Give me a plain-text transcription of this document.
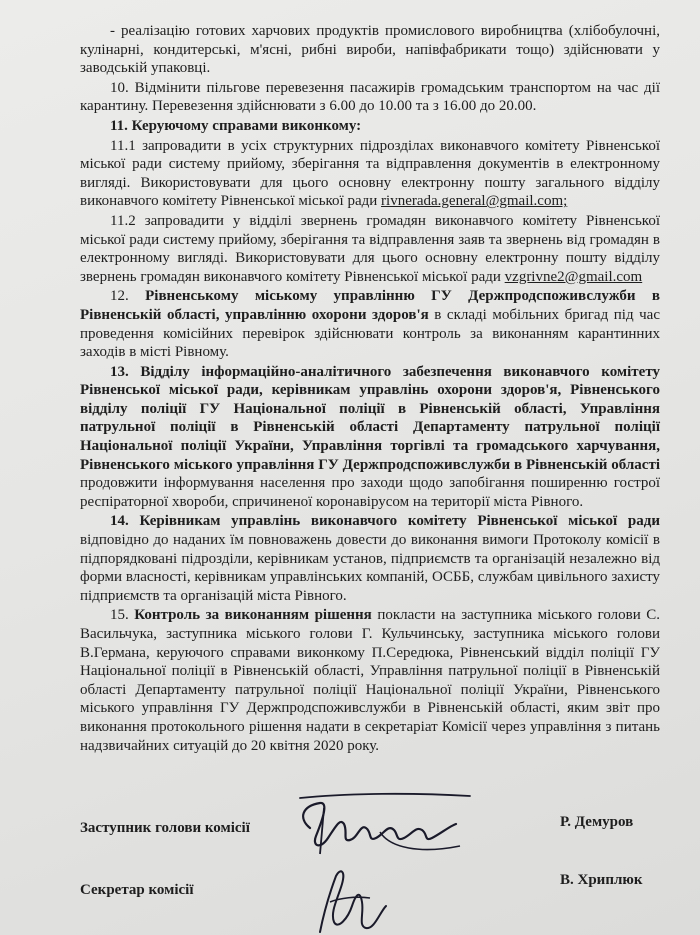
- реалізацію готових харчових продуктів промислового виробництва (хлібобулочні, кулінарні, кондитерські, м'ясні, рибні вироби, напівфабрикати тощо) здійснювати у заводській упаковці.

10. Відмінити пільгове перевезення пасажирів громадським транспортом на час дії карантину. Перевезення здійснювати з 6.00 до 10.00 та з 16.00 до 20.00.

11. Керуючому справами виконкому:

11.1 запровадити в усіх структурних підрозділах виконавчого комітету Рівненської міської ради систему прийому, зберігання та відправлення документів в електронному вигляді. Використовувати для цього основну електронну пошту загального відділу виконавчого комітету Рівненської міської ради rivnerada.general@gmail.com;

11.2 запровадити у відділі звернень громадян виконавчого комітету Рівненської міської ради систему прийому, зберігання та відправлення заяв та звернень від громадян в електронному вигляді. Використовувати для цього основну електронну пошту відділу звернень громадян виконавчого комітету Рівненської міської ради vzgrivne2@gmail.com

12. Рівненському міському управлінню ГУ Держпродспоживслужби в Рівненській області, управлінню охорони здоров'я в складі мобільних бригад під час проведення комісійних перевірок здійснювати контроль за виконанням карантинних заходів в місті Рівному.

13. Відділу інформаційно-аналітичного забезпечення виконавчого комітету Рівненської міської ради, керівникам управлінь охорони здоров'я, Рівненського відділу поліції ГУ Національної поліції в Рівненській області, Управління патрульної поліції в Рівненській області Департаменту патрульної поліції Національної поліції України, Управління торгівлі та громадського харчування, Рівненського міського управління ГУ Держпродспоживслужби в Рівненській області продовжити інформування населення про заходи щодо запобігання поширенню гострої респіраторної хвороби, спричиненої коронавірусом на території міста Рівного.

14. Керівникам управлінь виконавчого комітету Рівненської міської ради відповідно до наданих їм повноважень довести до виконання вимоги Протоколу комісії в підпорядковані підрозділи, керівникам установ, підприємств та організацій незалежно від форми власності, керівникам управлінських компаній, ОСББ, службам цивільного захисту підприємств та організацій міста Рівного.

15. Контроль за виконанням рішення покласти на заступника міського голови С. Васильчука, заступника міського голови Г. Кульчинську, заступника міського голови В.Германа, керуючого справами виконкому П.Середюка, Рівненський відділ поліції ГУ Національної поліції в Рівненській області, Управління патрульної поліції в Рівненській області Департаменту патрульної поліції Національної поліції України, Рівненського міського управління ГУ Держпродспоживслужби в Рівненській області, яким звіт про виконання протокольного рішення надати в секретаріат Комісії через управління з питань надзвичайних ситуацій до 20 квітня 2020 року.

Заступник голови комісії	Р. Демуров
Секретар комісії
В. Хриплюк
